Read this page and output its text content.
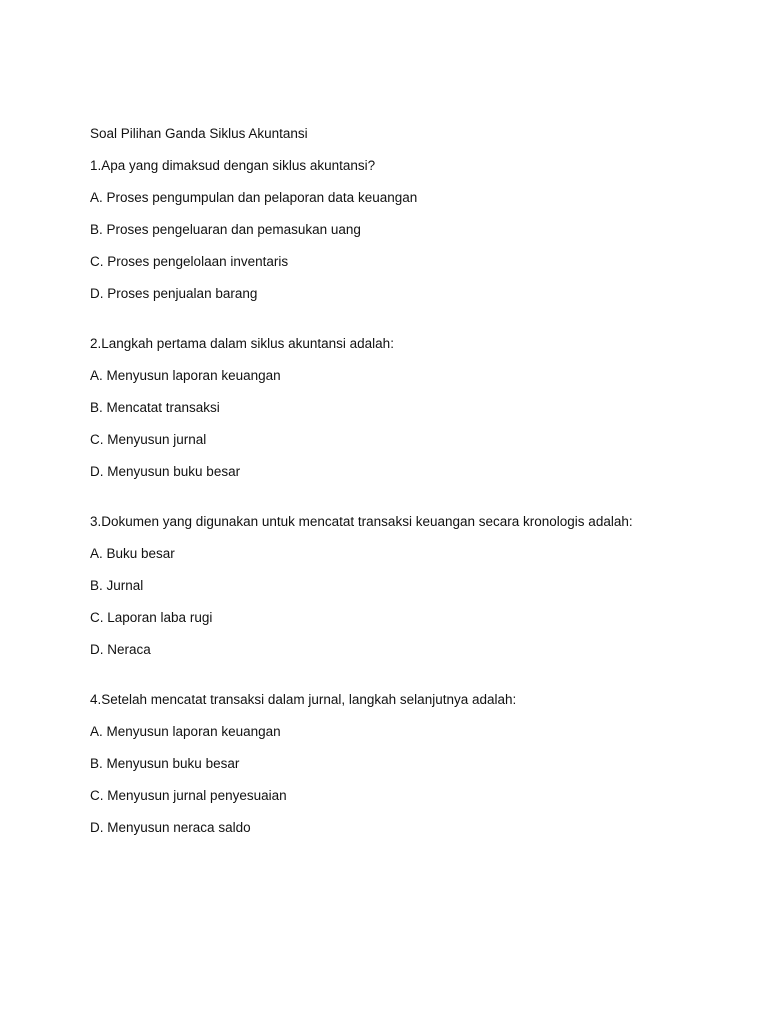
Soal Pilihan Ganda Siklus Akuntansi
1.Apa yang dimaksud dengan siklus akuntansi?
A. Proses pengumpulan dan pelaporan data keuangan
B. Proses pengeluaran dan pemasukan uang
C. Proses pengelolaan inventaris
D. Proses penjualan barang
2.Langkah pertama dalam siklus akuntansi adalah:
A. Menyusun laporan keuangan
B. Mencatat transaksi
C. Menyusun jurnal
D. Menyusun buku besar
3.Dokumen yang digunakan untuk mencatat transaksi keuangan secara kronologis adalah:
A. Buku besar
B. Jurnal
C. Laporan laba rugi
D. Neraca
4.Setelah mencatat transaksi dalam jurnal, langkah selanjutnya adalah:
A. Menyusun laporan keuangan
B. Menyusun buku besar
C. Menyusun jurnal penyesuaian
D. Menyusun neraca saldo
